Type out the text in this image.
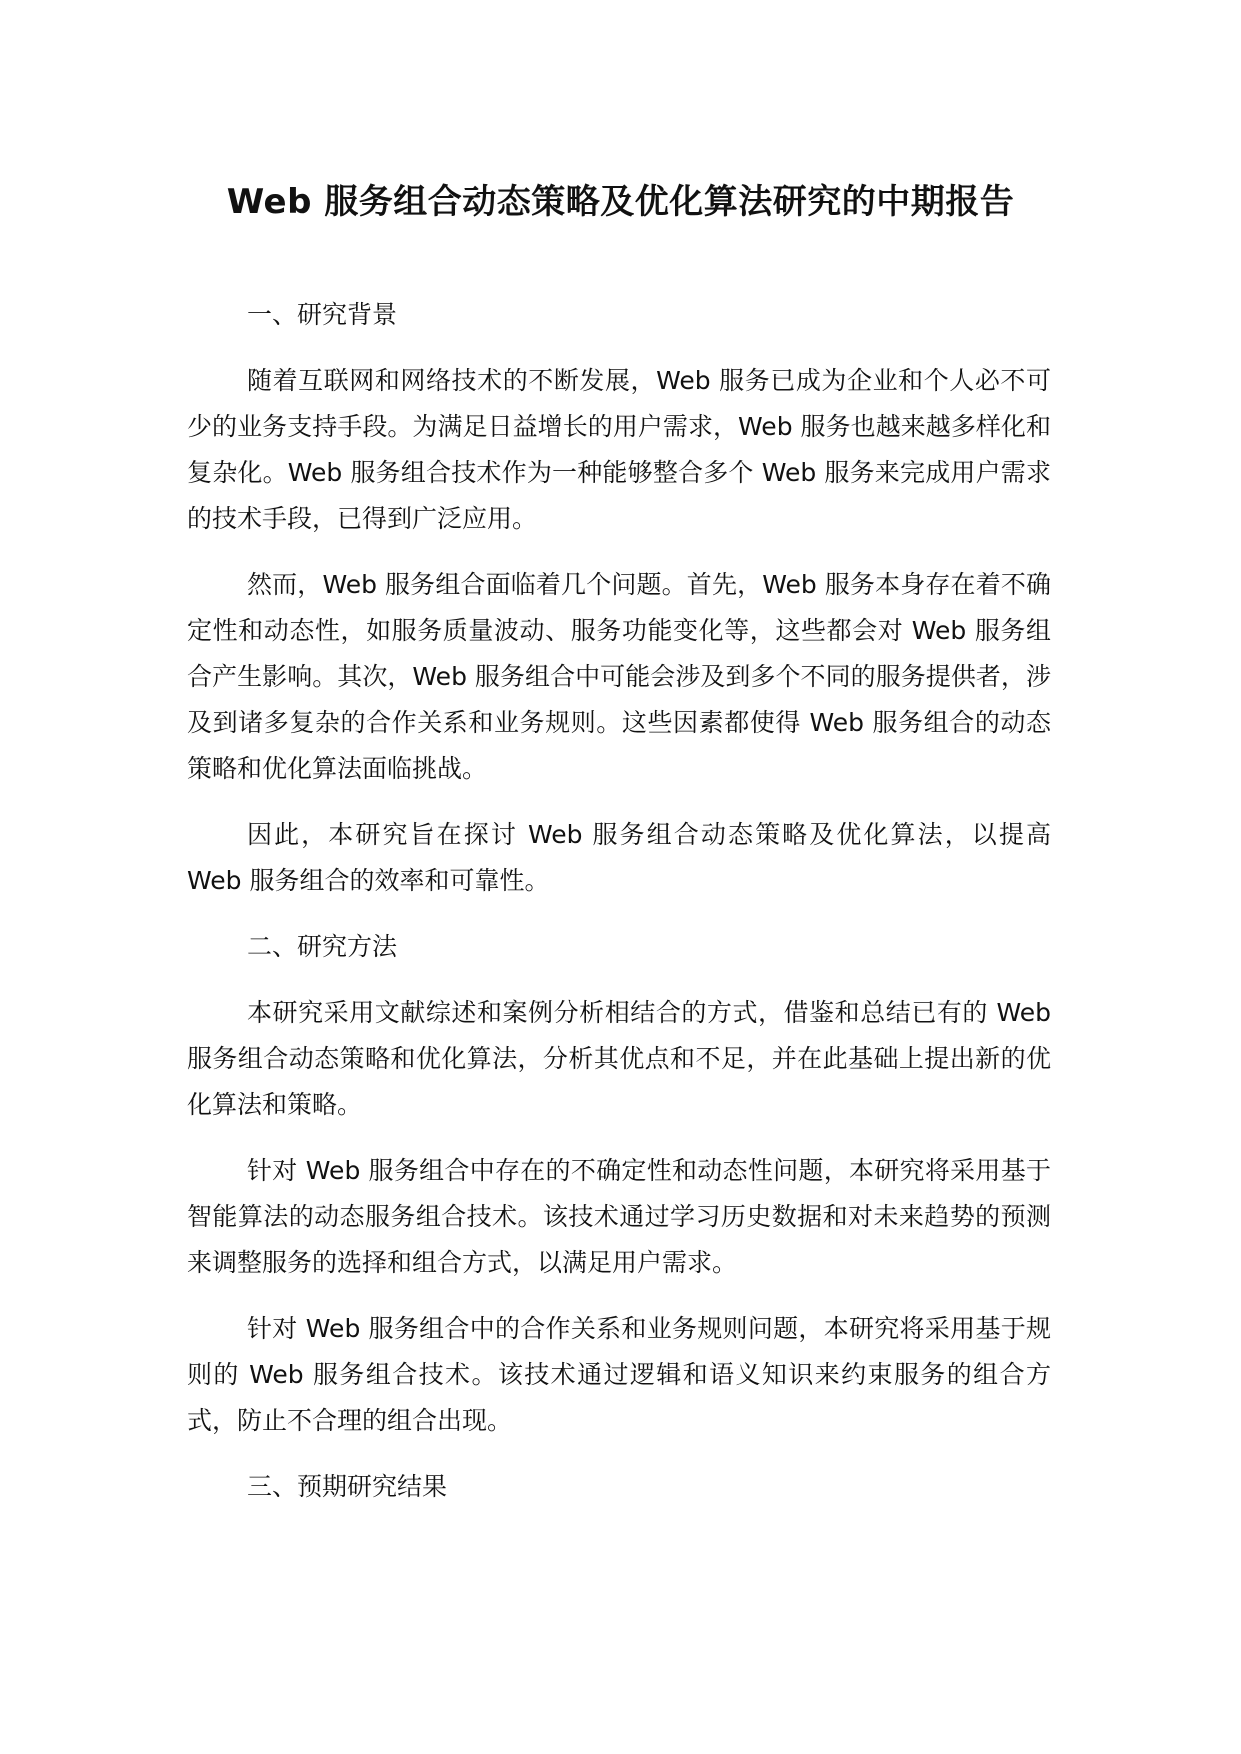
Web 服务组合动态策略及优化算法研究的中期报告

一、研究背景

随着互联网和网络技术的不断发展，Web 服务已成为企业和个人必不可少的业务支持手段。为满足日益增长的用户需求，Web 服务也越来越多样化和复杂化。Web 服务组合技术作为一种能够整合多个 Web 服务来完成用户需求的技术手段，已得到广泛应用。

然而，Web 服务组合面临着几个问题。首先，Web 服务本身存在着不确定性和动态性，如服务质量波动、服务功能变化等，这些都会对 Web 服务组合产生影响。其次，Web 服务组合中可能会涉及到多个不同的服务提供者，涉及到诸多复杂的合作关系和业务规则。这些因素都使得 Web 服务组合的动态策略和优化算法面临挑战。

因此，本研究旨在探讨 Web 服务组合动态策略及优化算法，以提高 Web 服务组合的效率和可靠性。

二、研究方法

本研究采用文献综述和案例分析相结合的方式，借鉴和总结已有的 Web 服务组合动态策略和优化算法，分析其优点和不足，并在此基础上提出新的优化算法和策略。

针对 Web 服务组合中存在的不确定性和动态性问题，本研究将采用基于智能算法的动态服务组合技术。该技术通过学习历史数据和对未来趋势的预测来调整服务的选择和组合方式，以满足用户需求。

针对 Web 服务组合中的合作关系和业务规则问题，本研究将采用基于规则的 Web 服务组合技术。该技术通过逻辑和语义知识来约束服务的组合方式，防止不合理的组合出现。

三、预期研究结果
